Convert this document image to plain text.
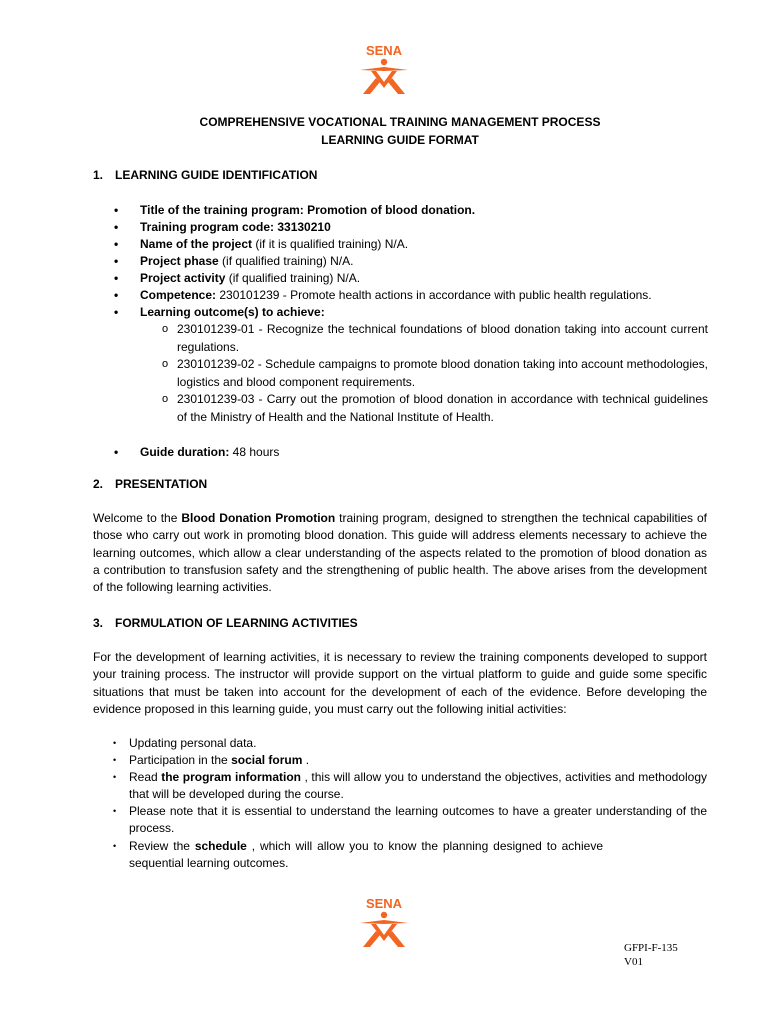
SENA
COMPREHENSIVE VOCATIONAL TRAINING MANAGEMENT PROCESS
LEARNING GUIDE FORMAT
1. LEARNING GUIDE IDENTIFICATION
• Title of the training program: Promotion of blood donation.
• Training program code: 33130210
• Name of the project (if it is qualified training) N/A.
• Project phase (if qualified training) N/A.
• Project activity (if qualified training) N/A.
• Competence: 230101239 - Promote health actions in accordance with public health regulations.
• Learning outcome(s) to achieve:
o 230101239-01 - Recognize the technical foundations of blood donation taking into account current regulations.
o 230101239-02 - Schedule campaigns to promote blood donation taking into account methodologies, logistics and blood component requirements.
o 230101239-03 - Carry out the promotion of blood donation in accordance with technical guidelines of the Ministry of Health and the National Institute of Health.
• Guide duration: 48 hours
2. PRESENTATION
Welcome to the Blood Donation Promotion training program, designed to strengthen the technical capabilities of those who carry out work in promoting blood donation. This guide will address elements necessary to achieve the learning outcomes, which allow a clear understanding of the aspects related to the promotion of blood donation as a contribution to transfusion safety and the strengthening of public health. The above arises from the development of the following learning activities.
3. FORMULATION OF LEARNING ACTIVITIES
For the development of learning activities, it is necessary to review the training components developed to support your training process. The instructor will provide support on the virtual platform to guide and guide some specific situations that must be taken into account for the development of each of the evidence. Before developing the evidence proposed in this learning guide, you must carry out the following initial activities:
• Updating personal data.
• Participation in the social forum .
• Read the program information , this will allow you to understand the objectives, activities and methodology that will be developed during the course.
• Please note that it is essential to understand the learning outcomes to have a greater understanding of the process.
• Review the schedule , which will allow you to know the planning designed to achieve sequential learning outcomes.
SENA
GFPI-F-135
V01
